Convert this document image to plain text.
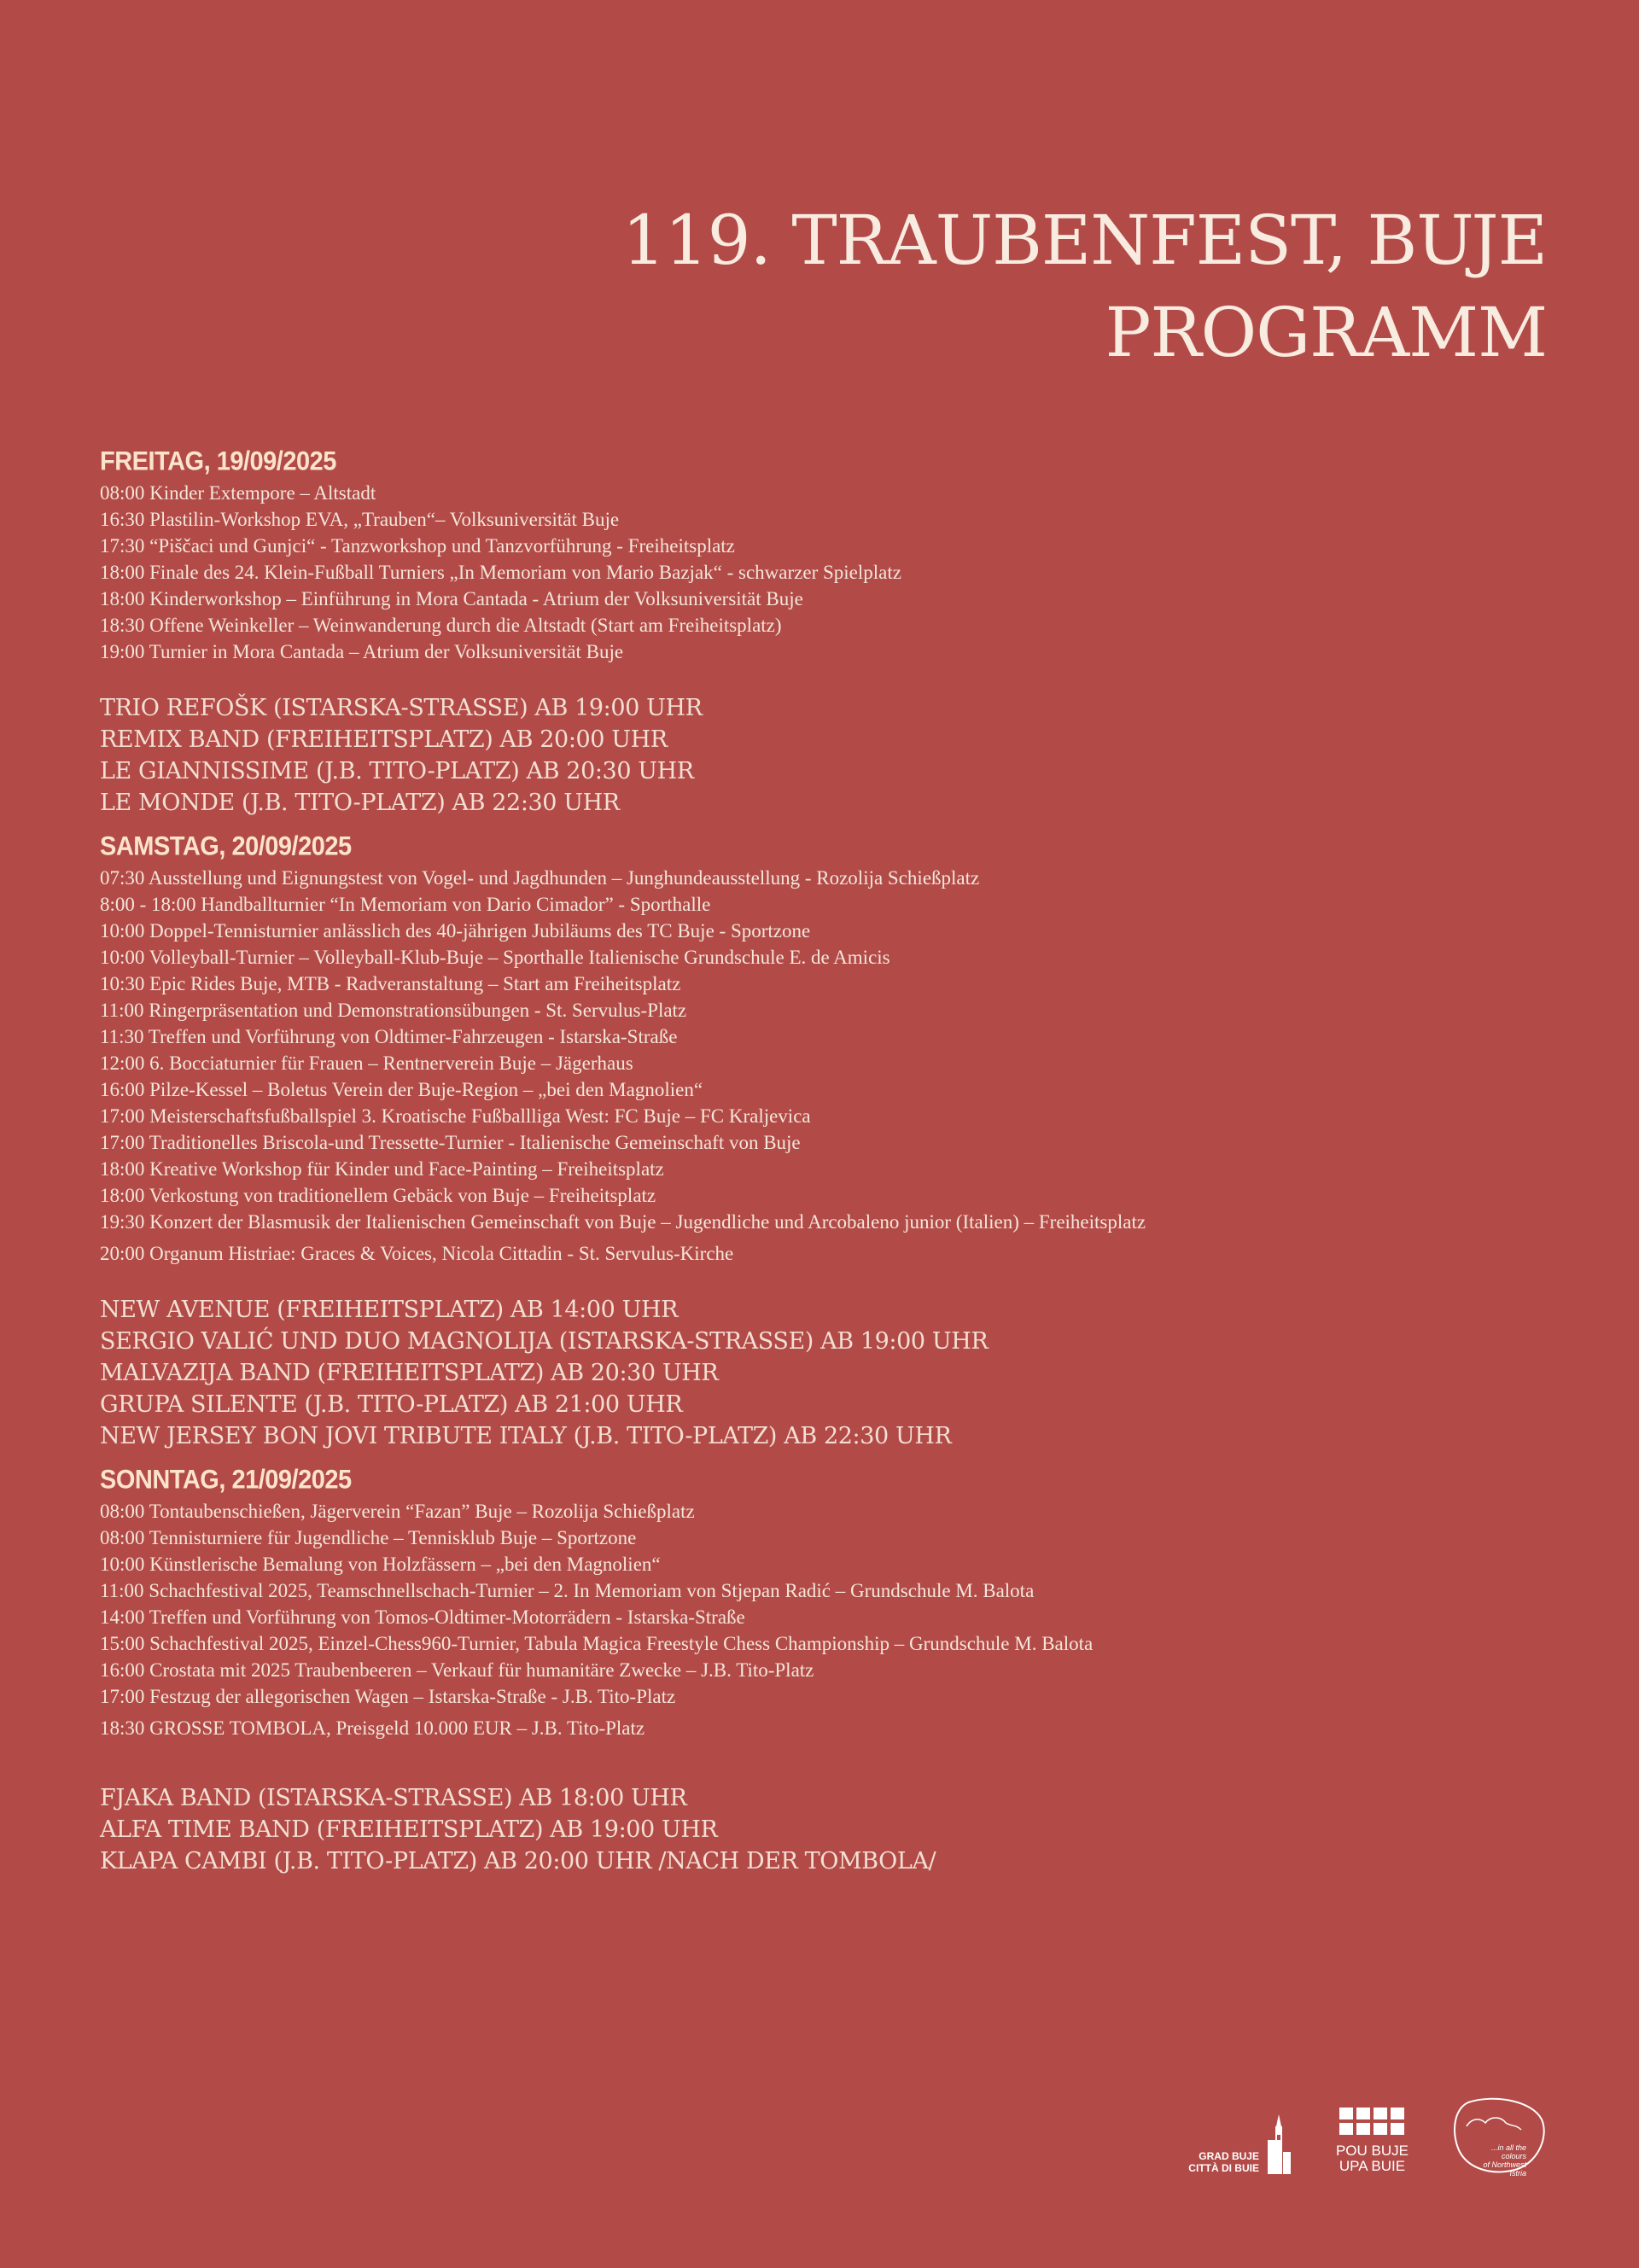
119. TRAUBENFEST, BUJE
PROGRAMM
FREITAG, 19/09/2025
08:00 Kinder Extempore – Altstadt
16:30 Plastilin-Workshop EVA, „Trauben“– Volksuniversität Buje
17:30 “Piščaci und Gunjci“ - Tanzworkshop und Tanzvorführung - Freiheitsplatz
18:00 Finale des 24. Klein-Fußball Turniers „In Memoriam von Mario Bazjak“ - schwarzer Spielplatz
18:00 Kinderworkshop – Einführung in Mora Cantada - Atrium der Volksuniversität Buje
18:30 Offene Weinkeller – Weinwanderung durch die Altstadt (Start am Freiheitsplatz)
19:00 Turnier in Mora Cantada – Atrium der Volksuniversität Buje
TRIO REFOŠK (ISTARSKA-STRASSE) AB 19:00 UHR
REMIX BAND (FREIHEITSPLATZ) AB 20:00 UHR
LE GIANNISSIME (J.B. TITO-PLATZ) AB 20:30 UHR
LE MONDE (J.B. TITO-PLATZ) AB 22:30 UHR
SAMSTAG, 20/09/2025
07:30 Ausstellung und Eignungstest von Vogel- und Jagdhunden – Junghundeausstellung - Rozolija Schießplatz
8:00 - 18:00 Handballturnier “In Memoriam von Dario Cimador” - Sporthalle
10:00 Doppel-Tennisturnier anlässlich des 40-jährigen Jubiläums des TC Buje - Sportzone
10:00 Volleyball-Turnier – Volleyball-Klub-Buje – Sporthalle Italienische Grundschule E. de Amicis
10:30 Epic Rides Buje, MTB - Radveranstaltung – Start am Freiheitsplatz
11:00 Ringerpräsentation und Demonstrationsübungen - St. Servulus-Platz
11:30 Treffen und Vorführung von Oldtimer-Fahrzeugen - Istarska-Straße
12:00 6. Bocciaturnier für Frauen – Rentnerverein Buje – Jägerhaus
16:00 Pilze-Kessel – Boletus Verein der Buje-Region – „bei den Magnolien“
17:00 Meisterschaftsfußballspiel 3. Kroatische Fußballliga West: FC Buje – FC Kraljevica
17:00 Traditionelles Briscola-und Tressette-Turnier - Italienische Gemeinschaft von Buje
18:00 Kreative Workshop für Kinder und Face-Painting – Freiheitsplatz
18:00 Verkostung von traditionellem Gebäck von Buje – Freiheitsplatz
19:30 Konzert der Blasmusik der Italienischen Gemeinschaft von Buje – Jugendliche und Arcobaleno junior (Italien) – Freiheitsplatz
20:00 Organum Histriae: Graces & Voices, Nicola Cittadin - St. Servulus-Kirche
NEW AVENUE (FREIHEITSPLATZ) AB 14:00 UHR
SERGIO VALIĆ UND DUO MAGNOLIJA (ISTARSKA-STRASSE) AB 19:00 UHR
MALVAZIJA BAND (FREIHEITSPLATZ) AB 20:30 UHR
GRUPA SILENTE (J.B. TITO-PLATZ) AB 21:00 UHR
NEW JERSEY BON JOVI TRIBUTE ITALY (J.B. TITO-PLATZ) AB 22:30 UHR
SONNTAG, 21/09/2025
08:00 Tontaubenschießen, Jägerverein “Fazan” Buje – Rozolija Schießplatz
08:00 Tennisturniere für Jugendliche – Tennisklub Buje – Sportzone
10:00 Künstlerische Bemalung von Holzfässern – „bei den Magnolien“
11:00 Schachfestival 2025, Teamschnellschach-Turnier – 2. In Memoriam von Stjepan Radić – Grundschule M. Balota
14:00 Treffen und Vorführung von Tomos-Oldtimer-Motorrädern - Istarska-Straße
15:00 Schachfestival 2025, Einzel-Chess960-Turnier, Tabula Magica Freestyle Chess Championship – Grundschule M. Balota
16:00 Crostata mit 2025 Traubenbeeren – Verkauf für humanitäre Zwecke – J.B. Tito-Platz
17:00 Festzug der allegorischen Wagen – Istarska-Straße - J.B. Tito-Platz
18:30 GROSSE TOMBOLA, Preisgeld 10.000 EUR – J.B. Tito-Platz
FJAKA BAND (ISTARSKA-STRASSE) AB 18:00 UHR
ALFA TIME BAND (FREIHEITSPLATZ) AB 19:00 UHR
KLAPA CAMBI (J.B. TITO-PLATZ) AB 20:00 UHR /NACH DER TOMBOLA/
GRAD BUJE
CITTÀ DI BUIE
POU BUJE
UPA BUIE
...in all the colours
of Northwest
Istria
